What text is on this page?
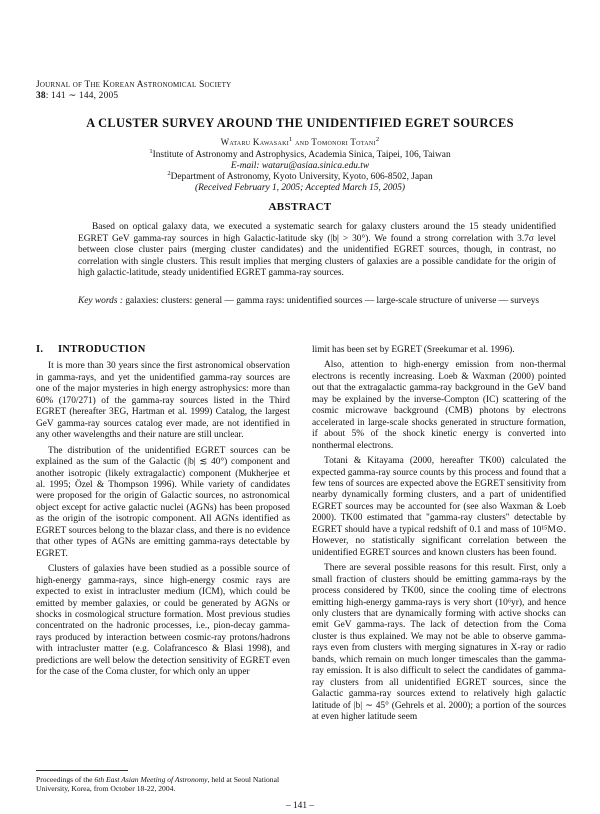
Journal of The Korean Astronomical Society
38: 141 ∼ 144, 2005
A CLUSTER SURVEY AROUND THE UNIDENTIFIED EGRET SOURCES
Wataru Kawasaki$^1$ and Tomonori Totani$^2$
$^1$Institute of Astronomy and Astrophysics, Academia Sinica, Taipei, 106, Taiwan
E-mail: wataru@asiaa.sinica.edu.tw
$^2$Department of Astronomy, Kyoto University, Kyoto, 606-8502, Japan
(Received February 1, 2005; Accepted March 15, 2005)
ABSTRACT

Based on optical galaxy data, we executed a systematic search for galaxy clusters around the 15 steady unidentified EGRET GeV gamma-ray sources in high Galactic-latitude sky (|b| > 30°). We found a strong correlation with 3.7σ level between close cluster pairs (merging cluster candidates) and the unidentified EGRET sources, though, in contrast, no correlation with single clusters. This result implies that merging clusters of galaxies are a possible candidate for the origin of high galactic-latitude, steady unidentified EGRET gamma-ray sources.

Key words : galaxies: clusters: general — gamma rays: unidentified sources — large-scale structure of universe — surveys

I. INTRODUCTION

It is more than 30 years since the first astronomical observation in gamma-rays, and yet the unidentified gamma-ray sources are one of the major mysteries in high energy astrophysics: more than 60% (170/271) of the gamma-ray sources listed in the Third EGRET (hereafter 3EG, Hartman et al. 1999) Catalog, the largest GeV gamma-ray sources catalog ever made, are not identified in any other wavelengths and their nature are still unclear.

The distribution of the unidentified EGRET sources can be explained as the sum of the Galactic (|b| ≲ 40°) component and another isotropic (likely extragalactic) component (Mukherjee et al. 1995; Özel & Thompson 1996). While variety of candidates were proposed for the origin of Galactic sources, no astronomical object except for active galactic nuclei (AGNs) has been proposed as the origin of the isotropic component. All AGNs identified as EGRET sources belong to the blazar class, and there is no evidence that other types of AGNs are emitting gamma-rays detectable by EGRET.

Clusters of galaxies have been studied as a possible source of high-energy gamma-rays, since high-energy cosmic rays are expected to exist in intracluster medium (ICM), which could be emitted by member galaxies, or could be generated by AGNs or shocks in cosmological structure formation. Most previous studies concentrated on the hadronic processes, i.e., pion-decay gamma-rays produced by interaction between cosmic-ray protons/hadrons with intracluster matter (e.g. Colafrancesco & Blasi 1998), and predictions are well below the detection sensitivity of EGRET even for the case of the Coma cluster, for which only an upper

limit has been set by EGRET (Sreekumar et al. 1996).

Also, attention to high-energy emission from non-thermal electrons is recently increasing. Loeb & Waxman (2000) pointed out that the extragalactic gamma-ray background in the GeV band may be explained by the inverse-Compton (IC) scattering of the cosmic microwave background (CMB) photons by electrons accelerated in large-scale shocks generated in structure formation, if about 5% of the shock kinetic energy is converted into nonthermal electrons.

Totani & Kitayama (2000, hereafter TK00) calculated the expected gamma-ray source counts by this process and found that a few tens of sources are expected above the EGRET sensitivity from nearby dynamically forming clusters, and a part of unidentified EGRET sources may be accounted for (see also Waxman & Loeb 2000). TK00 estimated that "gamma-ray clusters" detectable by EGRET should have a typical redshift of 0.1 and mass of 10¹⁵M⊙. However, no statistically significant correlation between the unidentified EGRET sources and known clusters has been found.

There are several possible reasons for this result. First, only a small fraction of clusters should be emitting gamma-rays by the process considered by TK00, since the cooling time of electrons emitting high-energy gamma-rays is very short (10⁶yr), and hence only clusters that are dynamically forming with active shocks can emit GeV gamma-rays. The lack of detection from the Coma cluster is thus explained. We may not be able to observe gamma-rays even from clusters with merging signatures in X-ray or radio bands, which remain on much longer timescales than the gamma-ray emission. It is also difficult to select the candidates of gamma-ray clusters from all unidentified EGRET sources, since the Galactic gamma-ray sources extend to relatively high galactic latitude of |b| ∼ 45° (Gehrels et al. 2000); a portion of the sources at even higher latitude seem

Proceedings of the 6th East Asian Meeting of Astronomy, held at Seoul National University, Korea, from October 18-22, 2004.
– 141 –
